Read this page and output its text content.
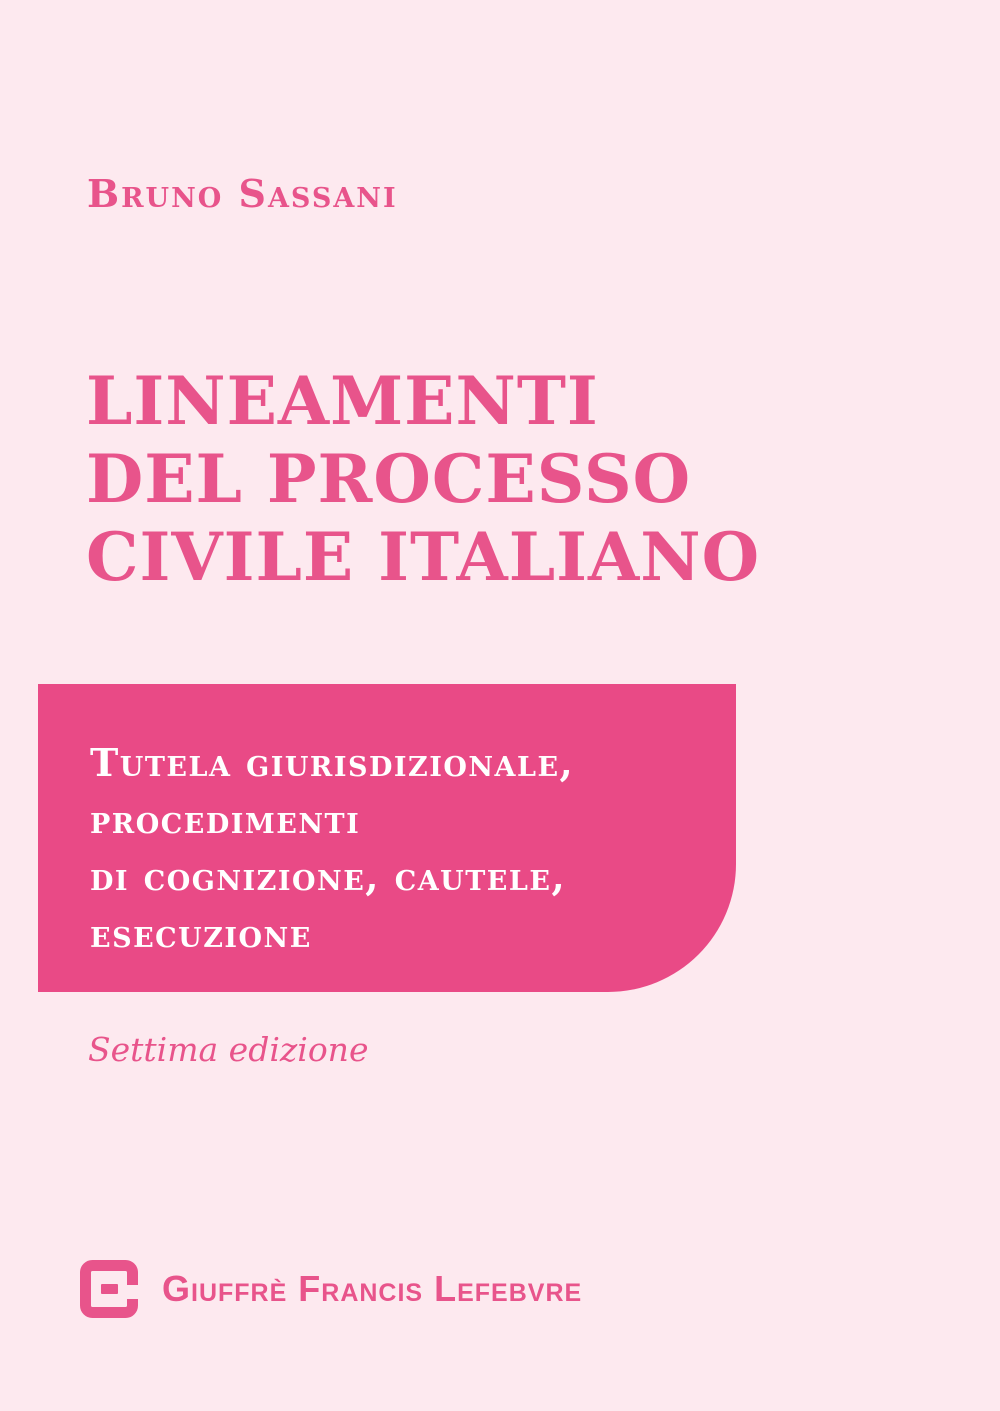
Bruno Sassani
LINEAMENTI
DEL PROCESSO
CIVILE ITALIANO
Tutela giurisdizionale,
procedimenti
di cognizione, cautele,
esecuzione
Settima edizione
Giuffrè Francis Lefebvre
